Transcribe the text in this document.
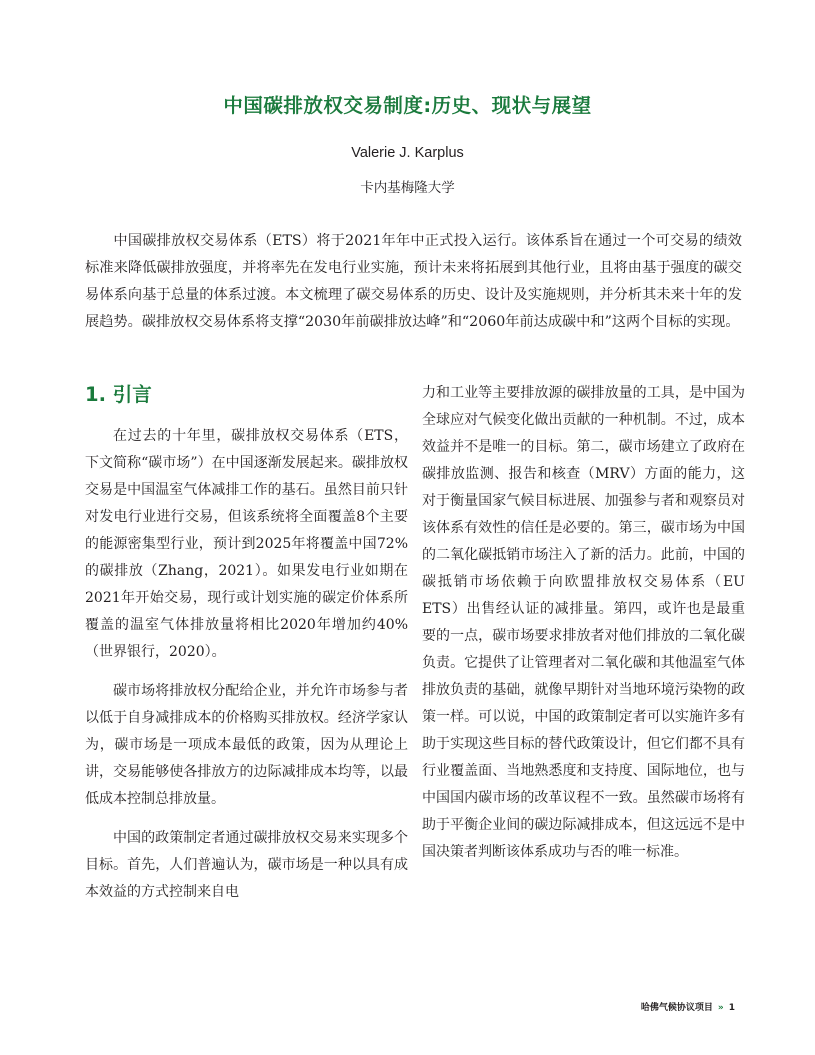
中国碳排放权交易制度:历史、现状与展望
Valerie J. Karplus
卡内基梅隆大学

中国碳排放权交易体系（ETS）将于2021年年中正式投入运行。该体系旨在通过一个可交易的绩效标准来降低碳排放强度，并将率先在发电行业实施，预计未来将拓展到其他行业，且将由基于强度的碳交易体系向基于总量的体系过渡。本文梳理了碳交易体系的历史、设计及实施规则，并分析其未来十年的发展趋势。碳排放权交易体系将支撑“2030年前碳排放达峰”和“2060年前达成碳中和”这两个目标的实现。

1. 引言

在过去的十年里，碳排放权交易体系（ETS，下文简称“碳市场”）在中国逐渐发展起来。碳排放权交易是中国温室气体减排工作的基石。虽然目前只针对发电行业进行交易，但该系统将全面覆盖8个主要的能源密集型行业，预计到2025年将覆盖中国72%的碳排放（Zhang，2021）。如果发电行业如期在2021年开始交易，现行或计划实施的碳定价体系所覆盖的温室气体排放量将相比2020年增加约40%（世界银行，2020）。

碳市场将排放权分配给企业，并允许市场参与者以低于自身减排成本的价格购买排放权。经济学家认为，碳市场是一项成本最低的政策，因为从理论上讲，交易能够使各排放方的边际减排成本均等，以最低成本控制总排放量。

中国的政策制定者通过碳排放权交易来实现多个目标。首先，人们普遍认为，碳市场是一种以具有成本效益的方式控制来自电

力和工业等主要排放源的碳排放量的工具，是中国为全球应对气候变化做出贡献的一种机制。不过，成本效益并不是唯一的目标。第二，碳市场建立了政府在碳排放监测、报告和核查（MRV）方面的能力，这对于衡量国家气候目标进展、加强参与者和观察员对该体系有效性的信任是必要的。第三，碳市场为中国的二氧化碳抵销市场注入了新的活力。此前，中国的碳抵销市场依赖于向欧盟排放权交易体系（EU ETS）出售经认证的减排量。第四，或许也是最重要的一点，碳市场要求排放者对他们排放的二氧化碳负责。它提供了让管理者对二氧化碳和其他温室气体排放负责的基础，就像早期针对当地环境污染物的政策一样。可以说，中国的政策制定者可以实施许多有助于实现这些目标的替代政策设计，但它们都不具有行业覆盖面、当地熟悉度和支持度、国际地位，也与中国国内碳市场的改革议程不一致。虽然碳市场将有助于平衡企业间的碳边际减排成本，但这远远不是中国决策者判断该体系成功与否的唯一标准。

哈佛气候协议项目 » 1
